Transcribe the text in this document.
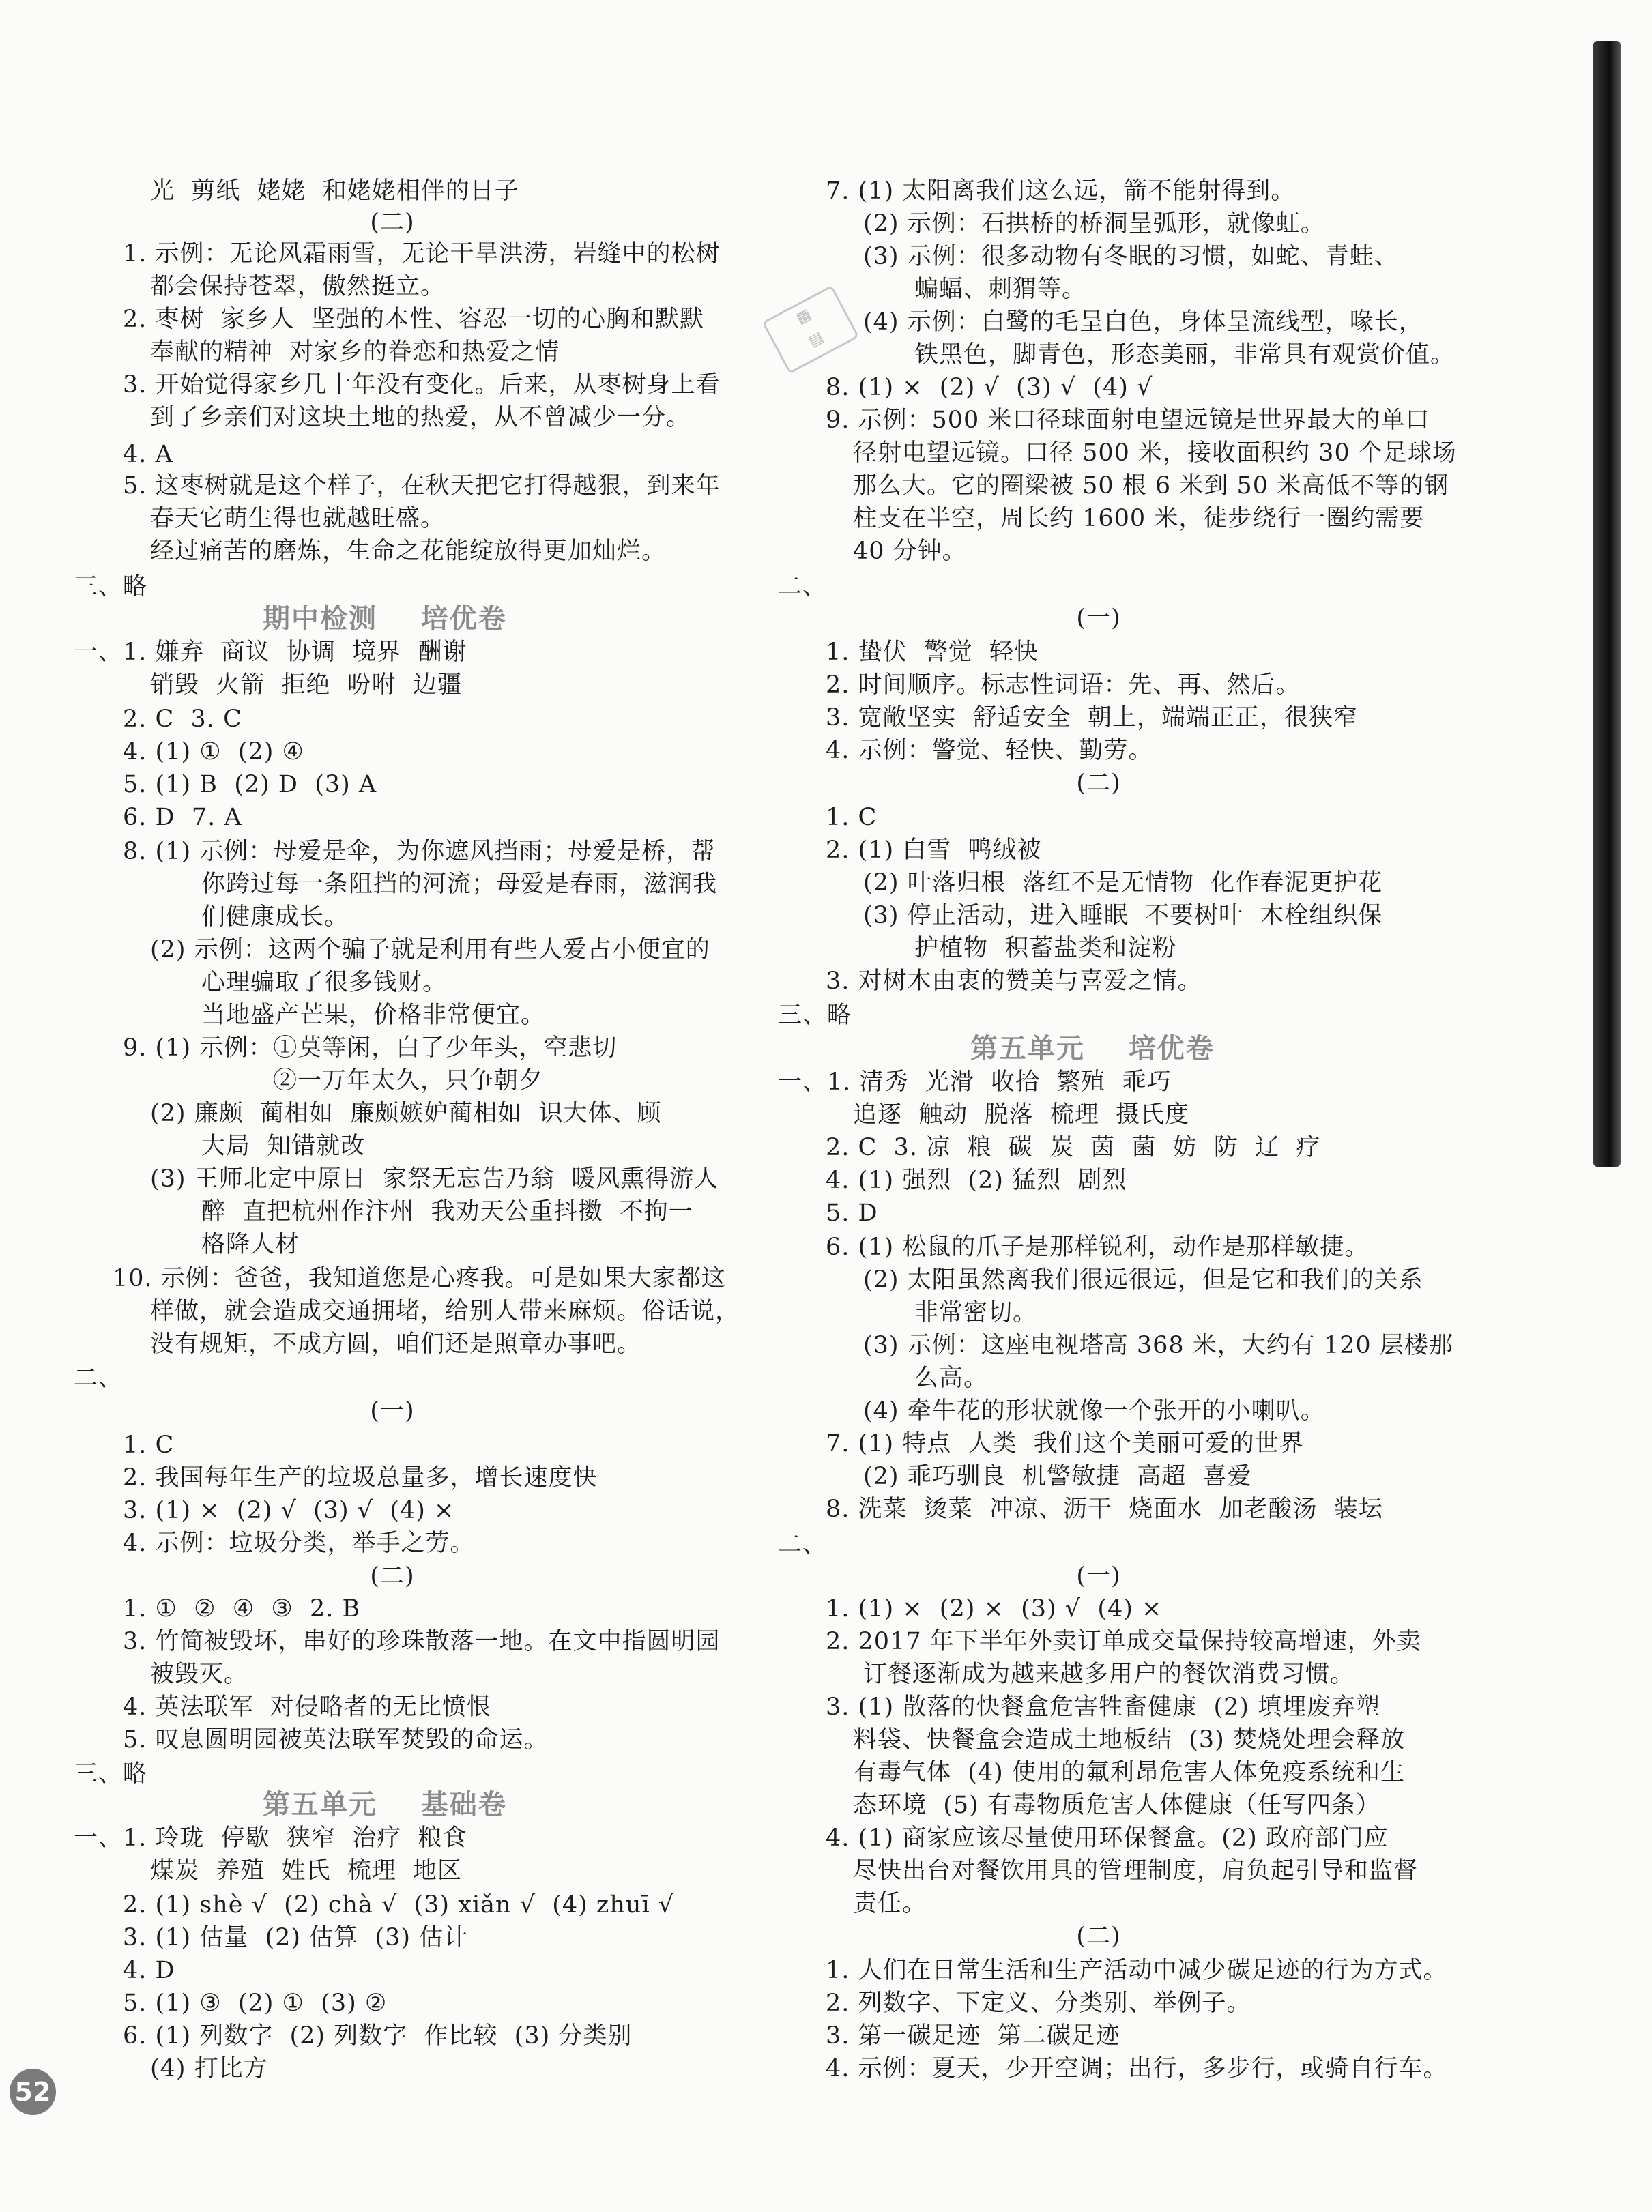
▦
▤
光  剪纸  姥姥  和姥姥相伴的日子
(二)
1. 示例：无论风霜雨雪，无论干旱洪涝，岩缝中的松树
都会保持苍翠，傲然挺立。
2. 枣树  家乡人  坚强的本性、容忍一切的心胸和默默
奉献的精神  对家乡的眷恋和热爱之情
3. 开始觉得家乡几十年没有变化。后来，从枣树身上看
到了乡亲们对这块土地的热爱，从不曾减少一分。
4. A
5. 这枣树就是这个样子，在秋天把它打得越狠，到来年
春天它萌生得也就越旺盛。
经过痛苦的磨炼，生命之花能绽放得更加灿烂。
三、略
期中检测    培优卷
一、1. 嫌弃  商议  协调  境界  酬谢
销毁  火箭  拒绝  吩咐  边疆
2. C  3. C
4. (1) ①  (2) ④
5. (1) B  (2) D  (3) A
6. D  7. A
8. (1) 示例：母爱是伞，为你遮风挡雨；母爱是桥，帮
你跨过每一条阻挡的河流；母爱是春雨，滋润我
们健康成长。
(2) 示例：这两个骗子就是利用有些人爱占小便宜的
心理骗取了很多钱财。
当地盛产芒果，价格非常便宜。
9. (1) 示例：①莫等闲，白了少年头，空悲切
②一万年太久，只争朝夕
(2) 廉颇  蔺相如  廉颇嫉妒蔺相如  识大体、顾
大局  知错就改
(3) 王师北定中原日  家祭无忘告乃翁  暖风熏得游人
醉  直把杭州作汴州  我劝天公重抖擞  不拘一
格降人材
10. 示例：爸爸，我知道您是心疼我。可是如果大家都这
样做，就会造成交通拥堵，给别人带来麻烦。俗话说，
没有规矩，不成方圆，咱们还是照章办事吧。
二、
(一)
1. C
2. 我国每年生产的垃圾总量多，增长速度快
3. (1) ×  (2) √  (3) √  (4) ×
4. 示例：垃圾分类，举手之劳。
(二)
1. ①  ②  ④  ③  2. B
3. 竹简被毁坏，串好的珍珠散落一地。在文中指圆明园
被毁灭。
4. 英法联军  对侵略者的无比愤恨
5. 叹息圆明园被英法联军焚毁的命运。
三、略
第五单元    基础卷
一、1. 玲珑  停歇  狭窄  治疗  粮食
煤炭  养殖  姓氏  梳理  地区
2. (1) shè √  (2) chà √  (3) xiǎn √  (4) zhuī √
3. (1) 估量  (2) 估算  (3) 估计
4. D
5. (1) ③  (2) ①  (3) ②
6. (1) 列数字  (2) 列数字  作比较  (3) 分类别
(4) 打比方
7. (1) 太阳离我们这么远，箭不能射得到。
(2) 示例：石拱桥的桥洞呈弧形，就像虹。
(3) 示例：很多动物有冬眠的习惯，如蛇、青蛙、
蝙蝠、刺猬等。
(4) 示例：白鹭的毛呈白色，身体呈流线型，喙长，
铁黑色，脚青色，形态美丽，非常具有观赏价值。
8. (1) ×  (2) √  (3) √  (4) √
9. 示例：500 米口径球面射电望远镜是世界最大的单口
径射电望远镜。口径 500 米，接收面积约 30 个足球场
那么大。它的圈梁被 50 根 6 米到 50 米高低不等的钢
柱支在半空，周长约 1600 米，徒步绕行一圈约需要
40 分钟。
二、
(一)
1. 蛰伏  警觉  轻快
2. 时间顺序。标志性词语：先、再、然后。
3. 宽敞坚实  舒适安全  朝上，端端正正，很狭窄
4. 示例：警觉、轻快、勤劳。
(二)
1. C
2. (1) 白雪  鸭绒被
(2) 叶落归根  落红不是无情物  化作春泥更护花
(3) 停止活动，进入睡眠  不要树叶  木栓组织保
护植物  积蓄盐类和淀粉
3. 对树木由衷的赞美与喜爱之情。
三、略
第五单元    培优卷
一、1. 清秀  光滑  收拾  繁殖  乖巧
追逐  触动  脱落  梳理  摄氏度
2. C  3. 凉  粮  碳  炭  茵  菌  妨  防  辽  疗
4. (1) 强烈  (2) 猛烈  剧烈
5. D
6. (1) 松鼠的爪子是那样锐利，动作是那样敏捷。
(2) 太阳虽然离我们很远很远，但是它和我们的关系
非常密切。
(3) 示例：这座电视塔高 368 米，大约有 120 层楼那
么高。
(4) 牵牛花的形状就像一个张开的小喇叭。
7. (1) 特点  人类  我们这个美丽可爱的世界
(2) 乖巧驯良  机警敏捷  高超  喜爱
8. 洗菜  烫菜  冲凉、沥干  烧面水  加老酸汤  装坛
二、
(一)
1. (1) ×  (2) ×  (3) √  (4) ×
2. 2017 年下半年外卖订单成交量保持较高增速，外卖
订餐逐渐成为越来越多用户的餐饮消费习惯。
3. (1) 散落的快餐盒危害牲畜健康  (2) 填埋废弃塑
料袋、快餐盒会造成土地板结  (3) 焚烧处理会释放
有毒气体  (4) 使用的氟利昂危害人体免疫系统和生
态环境  (5) 有毒物质危害人体健康（任写四条）
4. (1) 商家应该尽量使用环保餐盒。(2) 政府部门应
尽快出台对餐饮用具的管理制度，肩负起引导和监督
责任。
(二)
1. 人们在日常生活和生产活动中减少碳足迹的行为方式。
2. 列数字、下定义、分类别、举例子。
3. 第一碳足迹  第二碳足迹
4. 示例：夏天，少开空调；出行，多步行，或骑自行车。
52
